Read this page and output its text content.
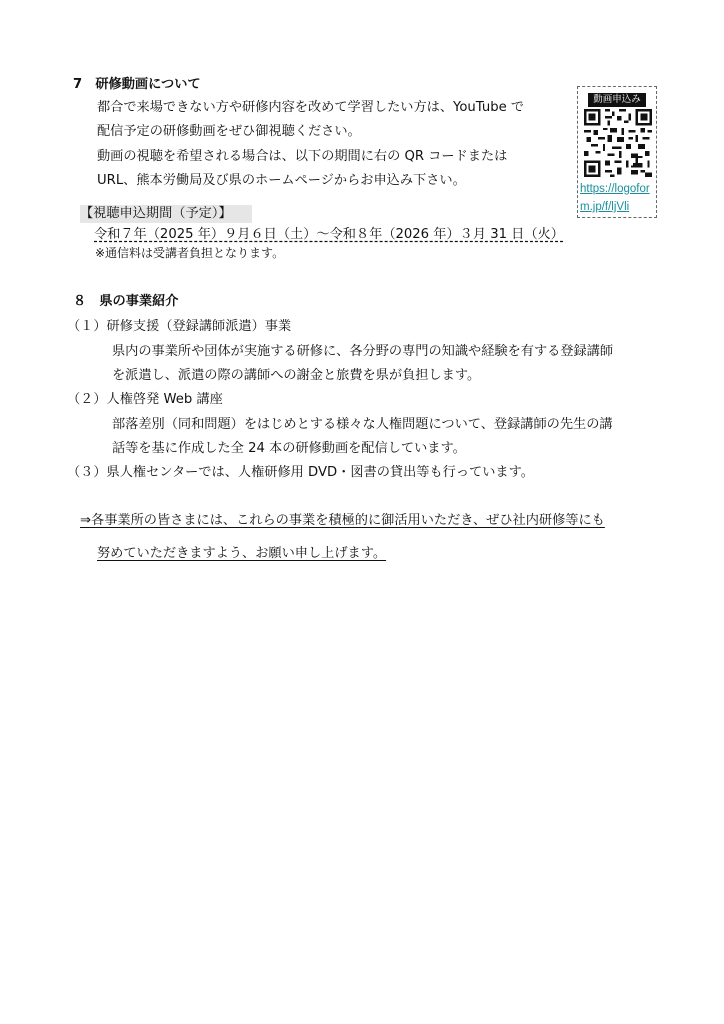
7　研修動画について
都合で来場できない方や研修内容を改めて学習したい方は、YouTube で
配信予定の研修動画をぜひ御視聴ください。
動画の視聴を希望される場合は、以下の期間に右の QR コードまたは
URL、熊本労働局及び県のホームページからお申込み下さい。
【視聴申込期間（予定）】
令和７年（2025 年）９月６日（土）～令和８年（2026 年）３月 31 日（火）
※通信料は受講者負担となります。
動画申込み
https://logoform.jp/f/ljVli
８　県の事業紹介
（１）研修支援（登録講師派遣）事業
県内の事業所や団体が実施する研修に、各分野の専門の知識や経験を有する登録講師
を派遣し、派遣の際の講師への謝金と旅費を県が負担します。
（２）人権啓発 Web 講座
部落差別（同和問題）をはじめとする様々な人権問題について、登録講師の先生の講
話等を基に作成した全 24 本の研修動画を配信しています。
（３）県人権センターでは、人権研修用 DVD・図書の貸出等も行っています。
⇒各事業所の皆さまには、これらの事業を積極的に御活用いただき、ぜひ社内研修等にも
努めていただきますよう、お願い申し上げます。
